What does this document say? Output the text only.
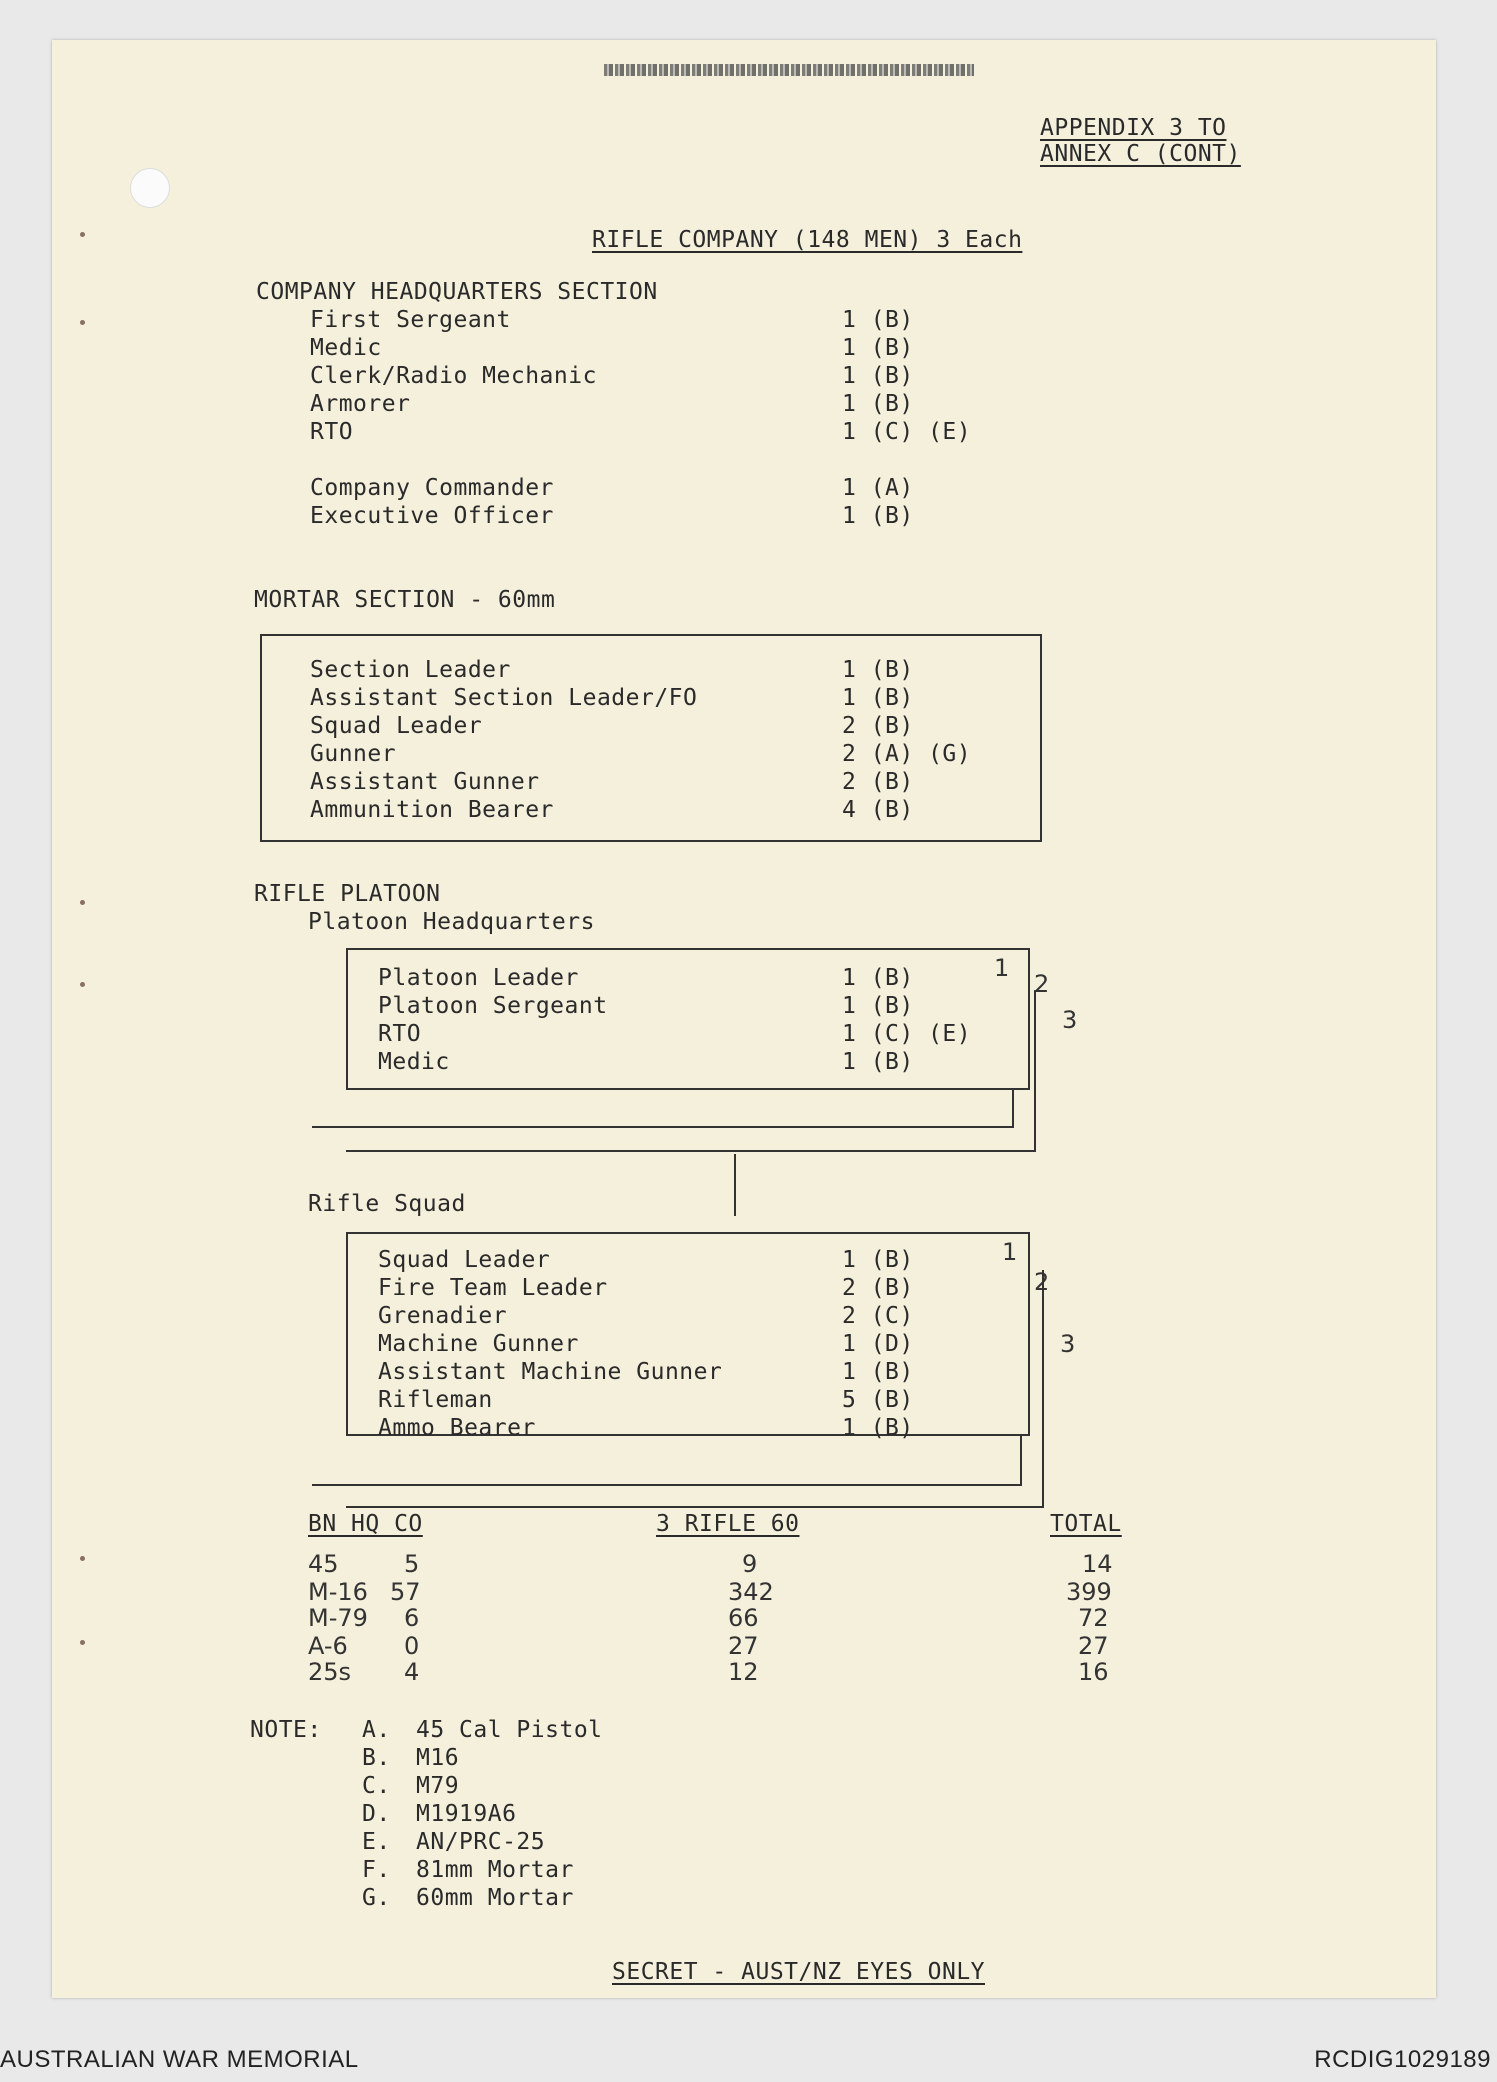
APPENDIX 3 TO
ANNEX C (CONT)
RIFLE COMPANY (148 MEN) 3 Each
COMPANY HEADQUARTERS SECTION
First Sergeant	1 (B)
Medic	1 (B)
Clerk/Radio Mechanic	1 (B)
Armorer	1 (B)
RTO	1 (C) (E)
Company Commander	1 (A)
Executive Officer	1 (B)
MORTAR SECTION - 60mm
Section Leader	1 (B)
Assistant Section Leader/FO	1 (B)
Squad Leader	2 (B)
Gunner	2 (A) (G)
Assistant Gunner	2 (B)
Ammunition Bearer	4 (B)
RIFLE PLATOON
Platoon Headquarters
Platoon Leader	1 (B)
Platoon Sergeant	1 (B)
RTO	1 (C) (E)
Medic	1 (B)
1
2
3
Rifle Squad
Squad Leader	1 (B)
Fire Team Leader	2 (B)
Grenadier	2 (C)
Machine Gunner	1 (D)
Assistant Machine Gunner	1 (B)
Rifleman	5 (B)
Ammo Bearer	1 (B)
1
2
3
BN HQ CO	3 RIFLE 60	TOTAL
45	5	9	14
M-16 57	342	399
M-79 6	66	72
A-6 0	27	27
25s 4	12	16
NOTE: A. 45 Cal Pistol
B. M16
C. M79
D. M1919A6
E. AN/PRC-25
F. 81mm Mortar
G. 60mm Mortar
SECRET - AUST/NZ EYES ONLY
AUSTRALIAN WAR MEMORIAL	RCDIG1029189
